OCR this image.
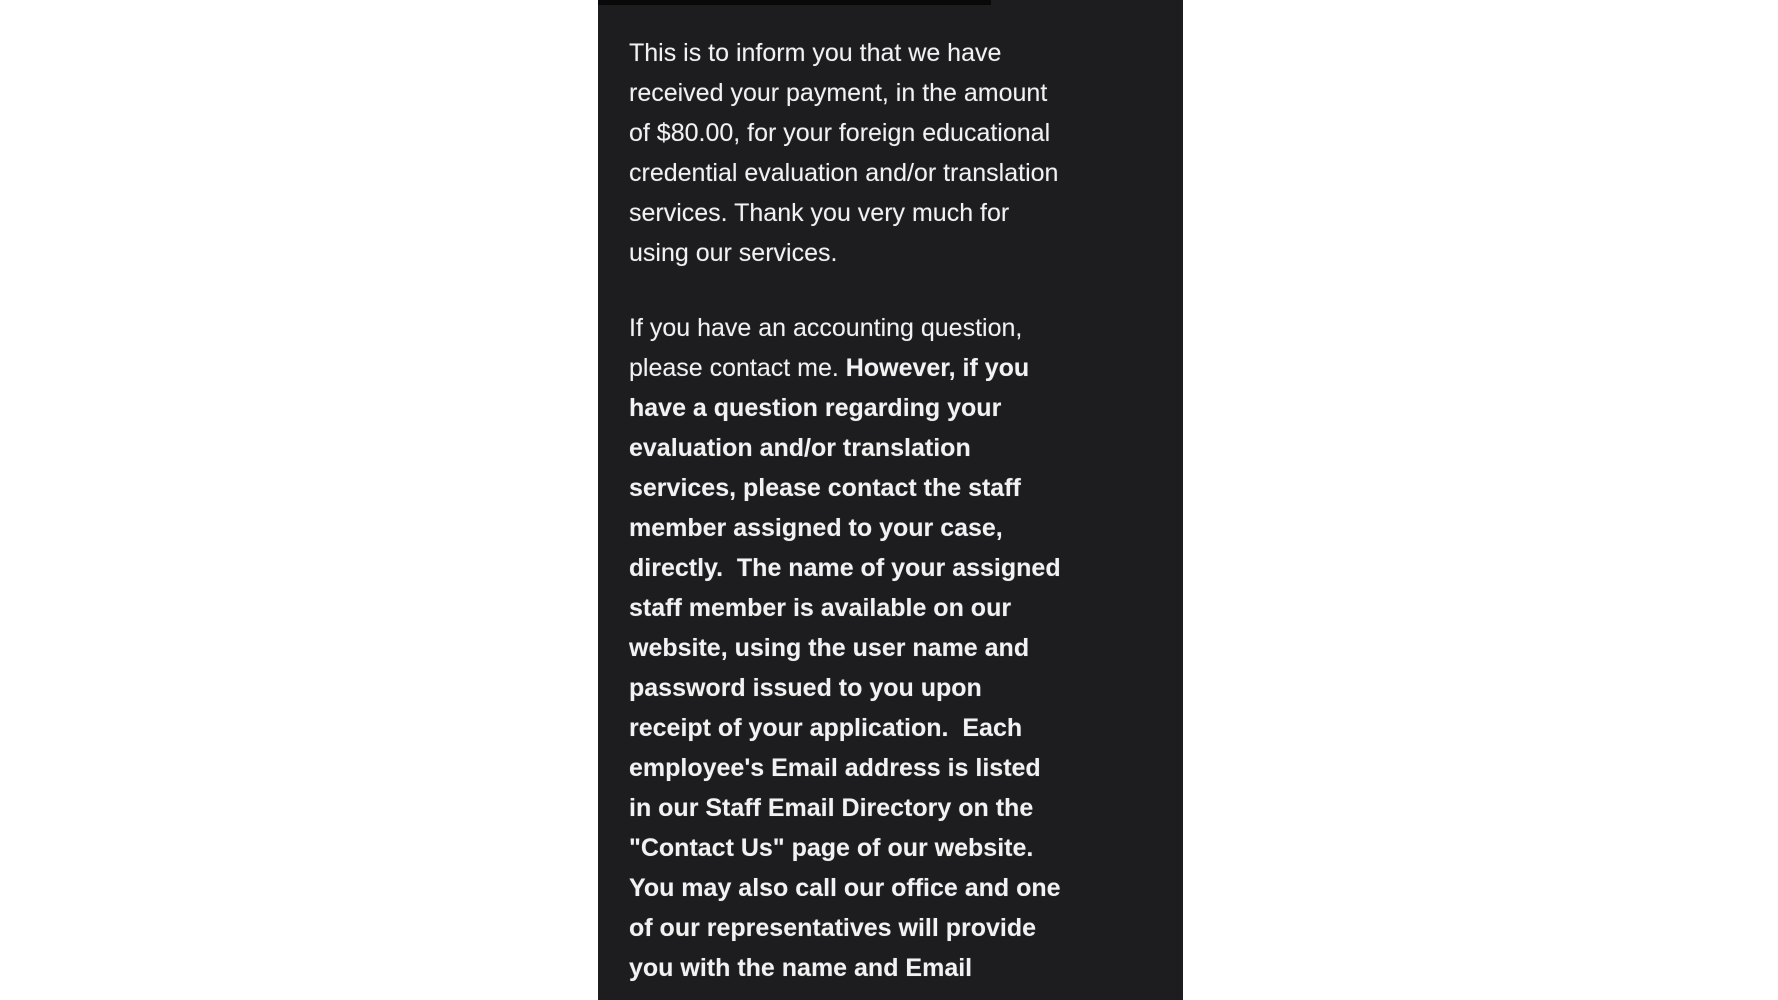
This is to inform you that we have
received your payment, in the amount
of $80.00, for your foreign educational
credential evaluation and/or translation
services. Thank you very much for
using our services.
If you have an accounting question,
please contact me. However, if you
have a question regarding your
evaluation and/or translation
services, please contact the staff
member assigned to your case,
directly.  The name of your assigned
staff member is available on our
website, using the user name and
password issued to you upon
receipt of your application.  Each
employee's Email address is listed
in our Staff Email Directory on the
"Contact Us" page of our website.
You may also call our office and one
of our representatives will provide
you with the name and Email
